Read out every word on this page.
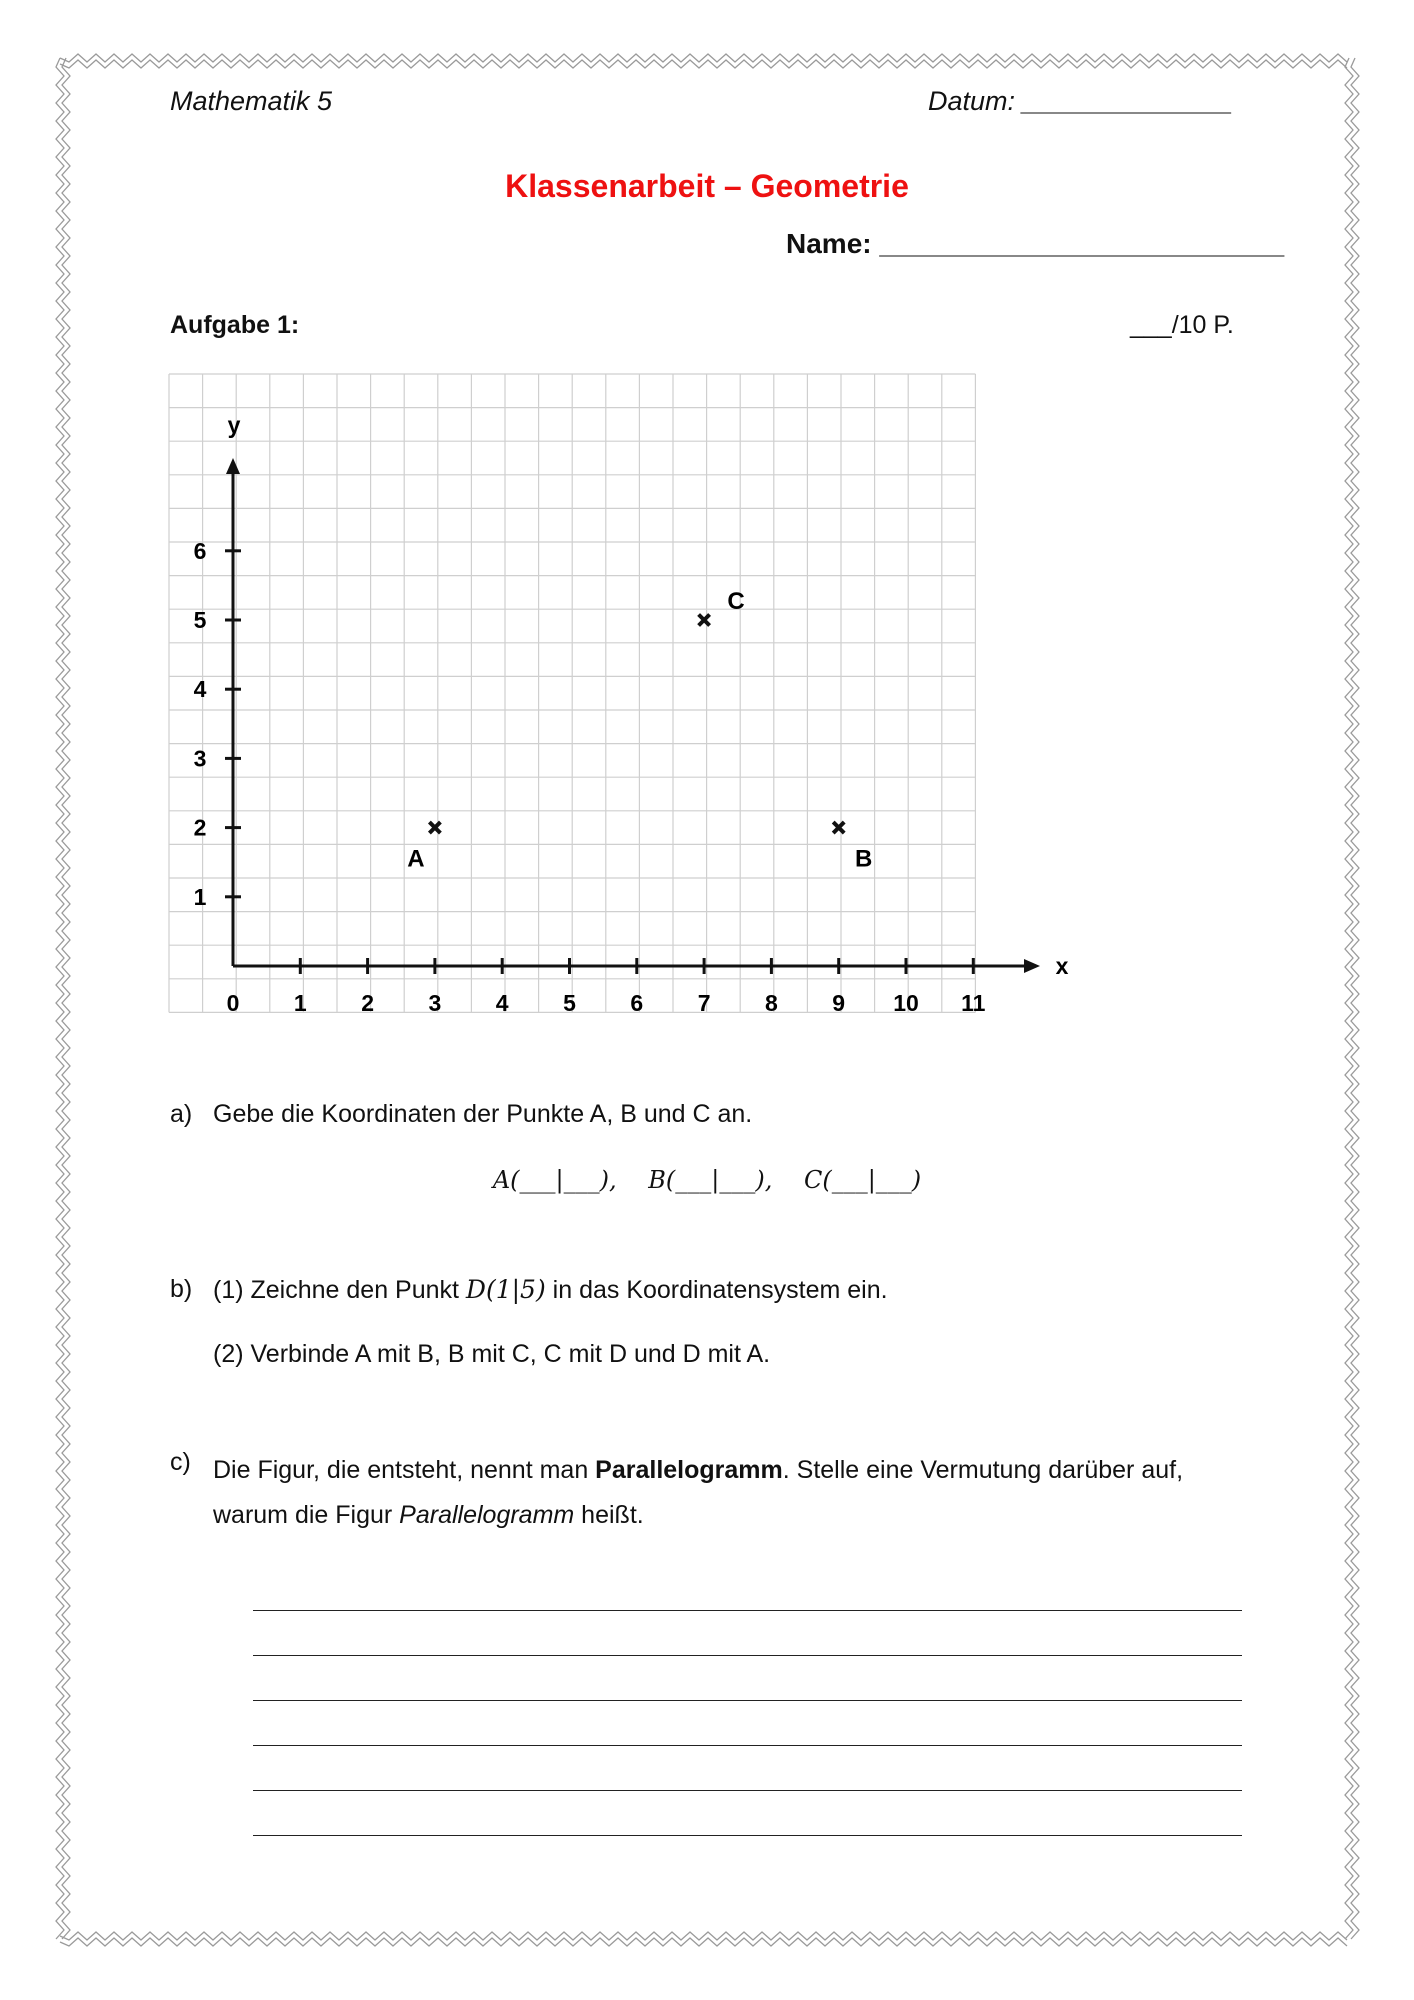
Mathematik 5	Datum: ______________
Klassenarbeit – Geometrie
Name: __________________________
Aufgabe 1:	___/10 P.
x
y
0 1 2 3 4 5 6 7 8 9 10 11
1
2
3
4
5
6
A	B
C
a) Gebe die Koordinaten der Punkte A, B und C an.
A(___|___), B(___|___), C(___|___)
b) (1) Zeichne den Punkt D(1|5) in das Koordinatensystem ein.
(2) Verbinde A mit B, B mit C, C mit D und D mit A.
c) Die Figur, die entsteht, nennt man Parallelogramm. Stelle eine Vermutung darüber auf, warum die Figur Parallelogramm heißt.
